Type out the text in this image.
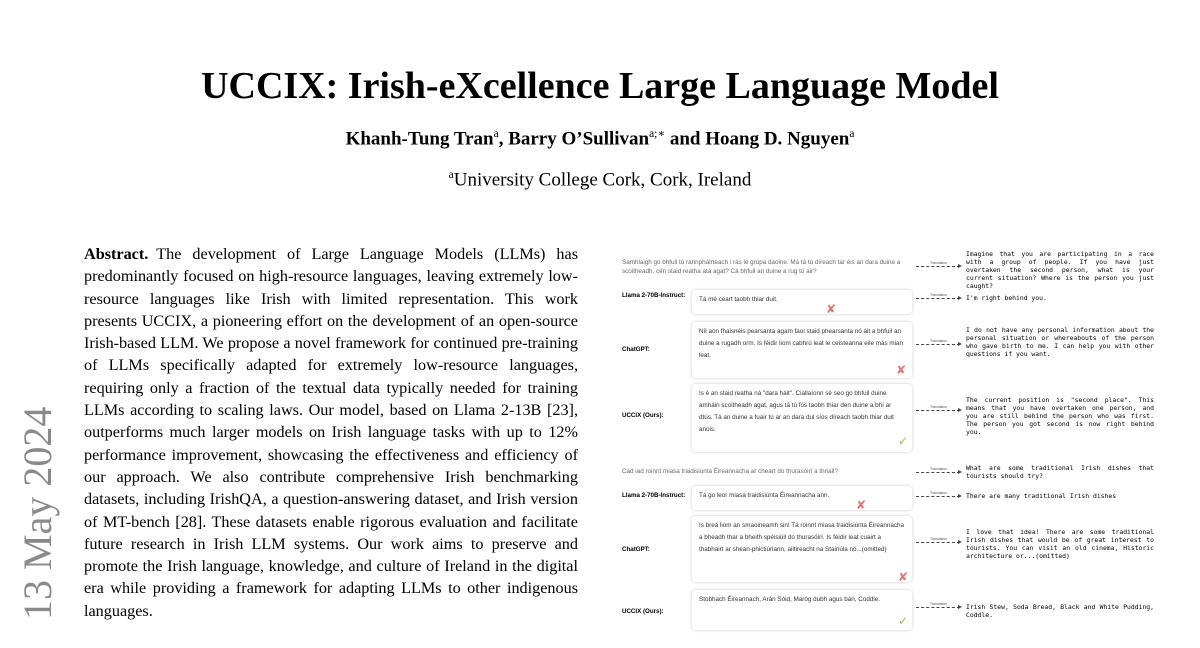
UCCIX: Irish-eXcellence Large Language Model
Khanh-Tung Tran$^a$, Barry O’Sullivan$^{a;∗}$ and Hoang D. Nguyen$^a$
$^a$University College Cork, Cork, Ireland
13 May 2024
Abstract. The development of Large Language Models (LLMs) has predominantly focused on high-resource languages, leaving extremely low-resource languages like Irish with limited representation. This work presents UCCIX, a pioneering effort on the development of an open-source Irish-based LLM. We propose a novel framework for continued pre-training of LLMs specifically adapted for extremely low-resource languages, requiring only a fraction of the textual data typically needed for training LLMs according to scaling laws. Our model, based on Llama 2-13B [23], outperforms much larger models on Irish language tasks with up to 12% performance improvement, showcasing the effectiveness and efficiency of our approach. We also contribute comprehensive Irish benchmarking datasets, including IrishQA, a question-answering dataset, and Irish version of MT-bench [28]. These datasets enable rigorous evaluation and facilitate future research in Irish LLM systems. Our work aims to preserve and promote the Irish language, knowledge, and culture of Ireland in the digital era while providing a framework for adapting LLMs to other indigenous languages.
Samhlaigh go bhfuil tú rannpháirteach i rás le grúpa daoine. Má tá tú díreach tar éis an dara duine a scoitheadh, cén staid reatha atá agat? Cá bhfuil an duine a rug tú air?
Translation
Imagine that you are participating in a race with a group of people. If you have just overtaken the second person, what is your current situation? Where is the person you just caught?
Llama 2-70B-Instruct:
Tá mé ceart taobh thiar duit.
✘
Translation	I'm right behind you.
ChatGPT:
Níl aon fhaisnéis pearsanta agam faoi staid phearsanta nó áit a bhfuil an duine a rugadh orm. Is féidir liom cabhrú leat le ceisteanna eile más mian leat.
✘
Translation
I do not have any personal information about the personal situation or whereabouts of the person who gave birth to me. I can help you with other questions if you want.
UCCIX (Ours):
Is é an staid reatha ná "dara háit". Ciallaíonn sé seo go bhfuil duine amháin scoitheadh agat, agus tá tú fós taobh thiar den duine a bhí ar dtús. Tá an duine a fuair tú ar an dara dul síos díreach taobh thiar duit anois.
✓
Translation
The current position is "second place". This means that you have overtaken one person, and you are still behind the person who was first. The person you got second is now right behind you.
Cad iad roinnt miasa traidisiúnta Éireannacha ar cheart do thurasóirí a thriail?	Translation	What are some traditional Irish dishes that tourists should try?
Llama 2-70B-Instruct:	Tá go leor miasa traidisiúnta Éireannacha ann.
✘
Translation	There are many traditional Irish dishes
ChatGPT:
Is breá liom an smaoineamh sin! Tá roinnt miasa traidisiúnta Éireannacha a bheadh thar a bheith spéisiúil do thurasóirí. Is féidir leat cuairt a thabhairt ar shean-phictiúrlann, ailtireacht na Stairiúla nó...(omitted)
✘
Translation
I love that idea! There are some traditional Irish dishes that would be of great interest to tourists. You can visit an old cinema, Historic architecture or...(omitted)
UCCIX (Ours):
Stobhach Éireannach, Arán Sóid, Maróg dubh agus bán, Coddle.
✓
Translation	Irish Stew, Soda Bread, Black and White Pudding, Coddle.
